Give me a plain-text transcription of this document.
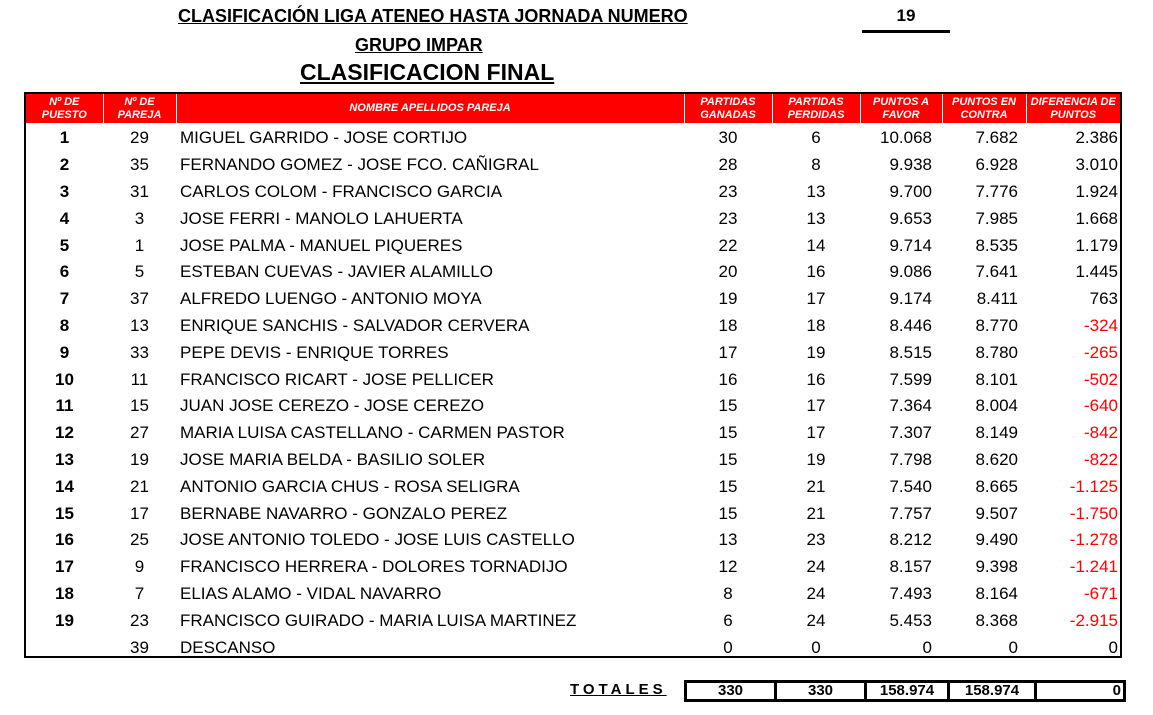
CLASIFICACIÓN LIGA ATENEO HASTA JORNADA NUMERO	19
GRUPO IMPAR
CLASIFICACION FINAL
Nº DE PUESTO	Nº DE PAREJA	NOMBRE APELLIDOS PAREJA	PARTIDAS GANADAS	PARTIDAS PERDIDAS	PUNTOS A FAVOR	PUNTOS EN CONTRA	DIFERENCIA DE PUNTOS
1	29	MIGUEL GARRIDO - JOSE CORTIJO	30	6	10.068	7.682	2.386
2	35	FERNANDO GOMEZ - JOSE FCO. CAÑIGRAL	28	8	9.938	6.928	3.010
3	31	CARLOS COLOM - FRANCISCO GARCIA	23	13	9.700	7.776	1.924
4	3	JOSE FERRI - MANOLO LAHUERTA	23	13	9.653	7.985	1.668
5	1	JOSE PALMA - MANUEL PIQUERES	22	14	9.714	8.535	1.179
6	5	ESTEBAN CUEVAS - JAVIER ALAMILLO	20	16	9.086	7.641	1.445
7	37	ALFREDO LUENGO - ANTONIO MOYA	19	17	9.174	8.411	763
8	13	ENRIQUE SANCHIS - SALVADOR CERVERA	18	18	8.446	8.770	-324
9	33	PEPE DEVIS - ENRIQUE TORRES	17	19	8.515	8.780	-265
10	11	FRANCISCO RICART - JOSE PELLICER	16	16	7.599	8.101	-502
11	15	JUAN JOSE CEREZO - JOSE CEREZO	15	17	7.364	8.004	-640
12	27	MARIA LUISA CASTELLANO - CARMEN PASTOR	15	17	7.307	8.149	-842
13	19	JOSE MARIA BELDA - BASILIO SOLER	15	19	7.798	8.620	-822
14	21	ANTONIO GARCIA CHUS - ROSA SELIGRA	15	21	7.540	8.665	-1.125
15	17	BERNABE NAVARRO - GONZALO PEREZ	15	21	7.757	9.507	-1.750
16	25	JOSE ANTONIO TOLEDO - JOSE LUIS CASTELLO	13	23	8.212	9.490	-1.278
17	9	FRANCISCO HERRERA - DOLORES TORNADIJO	12	24	8.157	9.398	-1.241
18	7	ELIAS ALAMO - VIDAL NAVARRO	8	24	7.493	8.164	-671
19	23	FRANCISCO GUIRADO - MARIA LUISA MARTINEZ	6	24	5.453	8.368	-2.915
	39	DESCANSO	0	0	0	0	0
TOTALES	330	330	158.974	158.974	0
